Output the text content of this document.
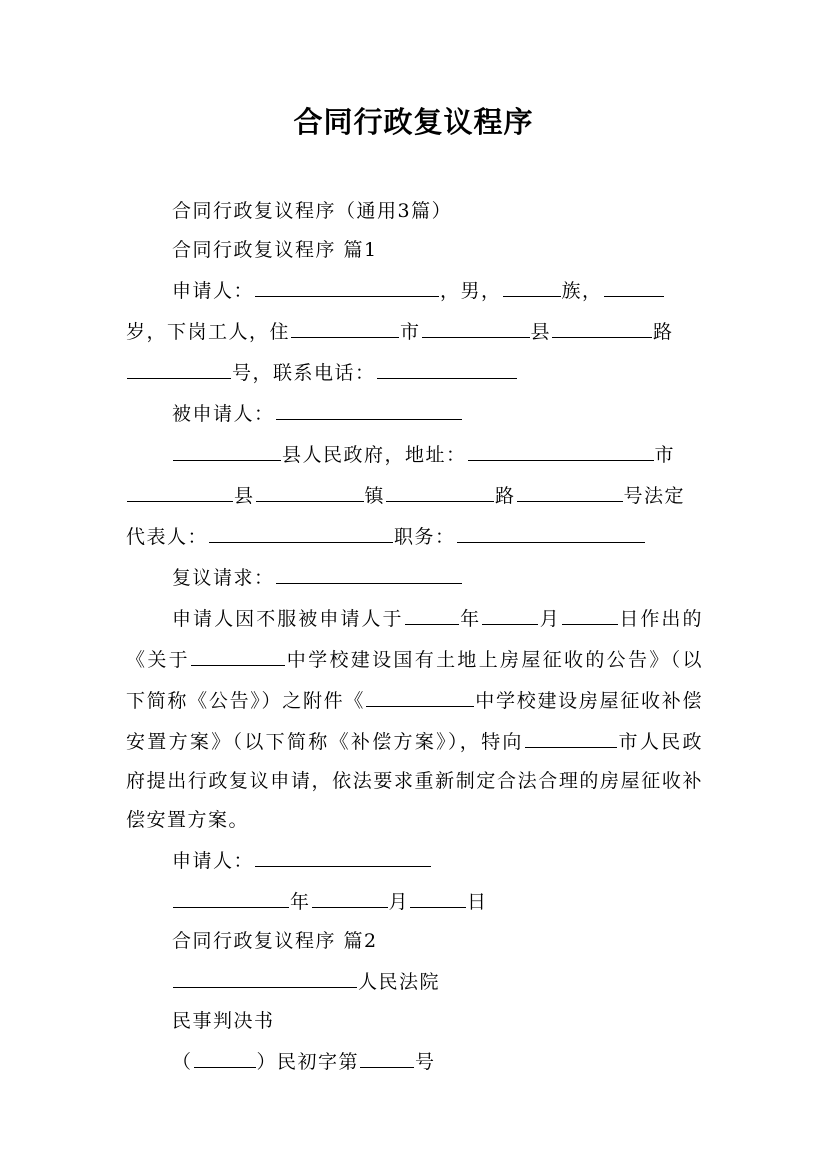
合同行政复议程序

合同行政复议程序（通用3篇）

合同行政复议程序 篇1

申请人：	，男，	族，

岁，下岗工人，住	市	县	路

号，联系电话：

被申请人：

县人民政府，地址：	市

县	镇	路	号法定

代表人：	职务：

复议请求：

申请人因不服被申请人于	年	月	日作出的《关于	中学校建设国有土地上房屋征收的公告》（以下简称《公告》）之附件《	中学校建设房屋征收补偿安置方案》（以下简称《补偿方案》），特向	市人民政府提出行政复议申请，依法要求重新制定合法合理的房屋征收补偿安置方案。

申请人：

年	月	日

合同行政复议程序 篇2

人民法院

民事判决书

（	）民初字第	号
